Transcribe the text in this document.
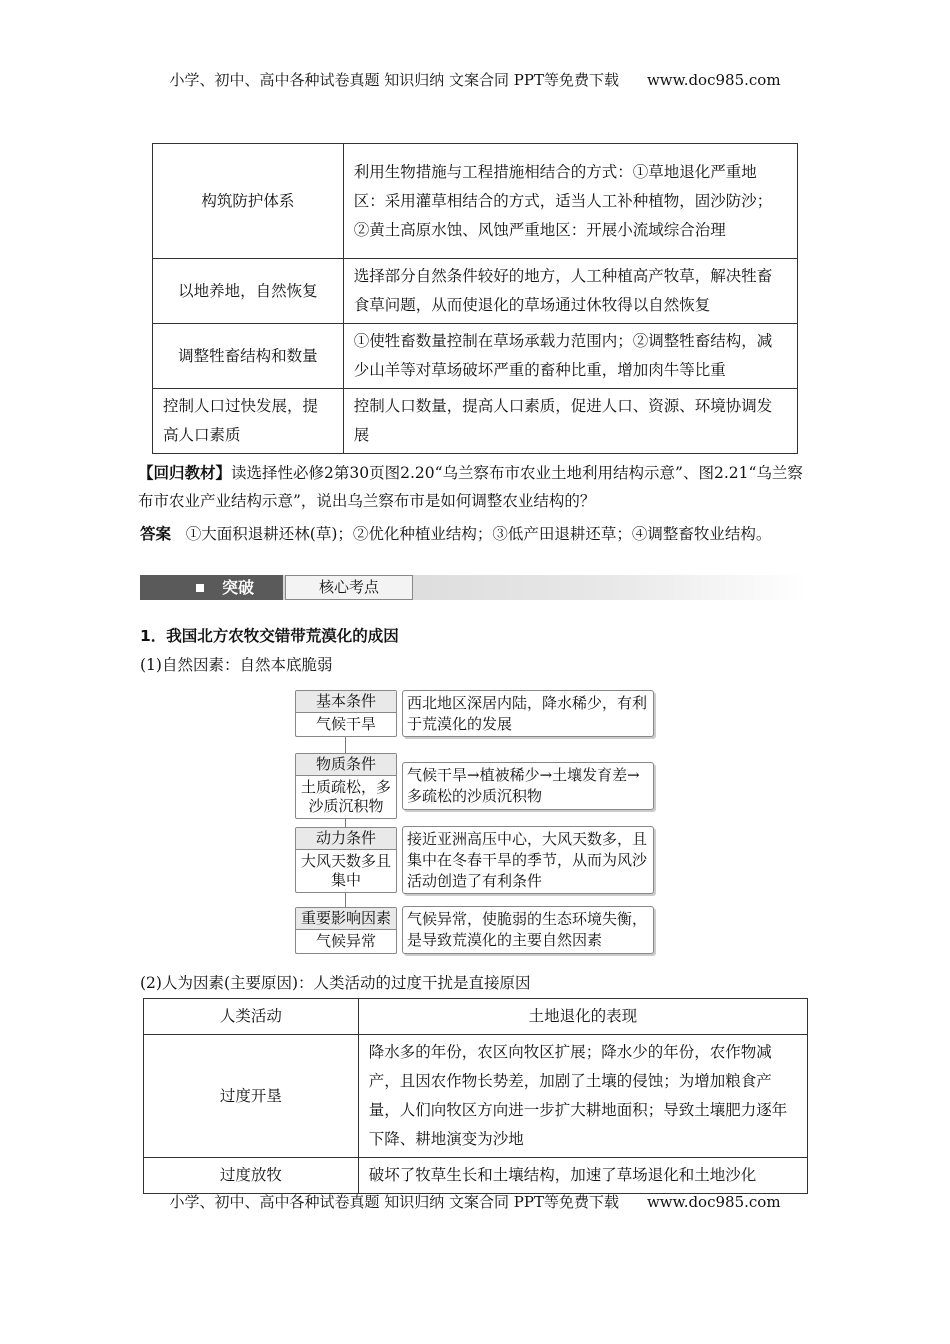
小学、初中、高中各种试卷真题 知识归纳 文案合同 PPT等免费下载 www.doc985.com
构筑防护体系	利用生物措施与工程措施相结合的方式：①草地退化严重地区：采用灌草相结合的方式，适当人工补种植物，固沙防沙；②黄土高原水蚀、风蚀严重地区：开展小流域综合治理
以地养地，自然恢复	选择部分自然条件较好的地方，人工种植高产牧草，解决牲畜食草问题，从而使退化的草场通过休牧得以自然恢复
调整牲畜结构和数量	①使牲畜数量控制在草场承载力范围内；②调整牲畜结构，减少山羊等对草场破坏严重的畜种比重，增加肉牛等比重
控制人口过快发展，提高人口素质	控制人口数量，提高人口素质，促进人口、资源、环境协调发展
【回归教材】读选择性必修2第30页图2.20“乌兰察布市农业土地利用结构示意”、图2.21“乌兰察布市农业产业结构示意”，说出乌兰察布市是如何调整农业结构的？
答案 ①大面积退耕还林(草)；②优化种植业结构；③低产田退耕还草；④调整畜牧业结构。
突破	核心考点
1．我国北方农牧交错带荒漠化的成因
(1)自然因素：自然本底脆弱
基本条件
气候干旱
西北地区深居内陆，降水稀少，有利于荒漠化的发展
物质条件
土质疏松，多沙质沉积物
气候干旱→植被稀少→土壤发育差→多疏松的沙质沉积物
动力条件
大风天数多且集中
接近亚洲高压中心，大风天数多，且集中在冬春干旱的季节，从而为风沙活动创造了有利条件
重要影响因素
气候异常
气候异常，使脆弱的生态环境失衡，是导致荒漠化的主要自然因素
(2)人为因素(主要原因)：人类活动的过度干扰是直接原因
人类活动	土地退化的表现
过度开垦	降水多的年份，农区向牧区扩展；降水少的年份，农作物减产，且因农作物长势差，加剧了土壤的侵蚀；为增加粮食产量，人们向牧区方向进一步扩大耕地面积；导致土壤肥力逐年下降、耕地演变为沙地
过度放牧	破坏了牧草生长和土壤结构，加速了草场退化和土地沙化
小学、初中、高中各种试卷真题 知识归纳 文案合同 PPT等免费下载 www.doc985.com
